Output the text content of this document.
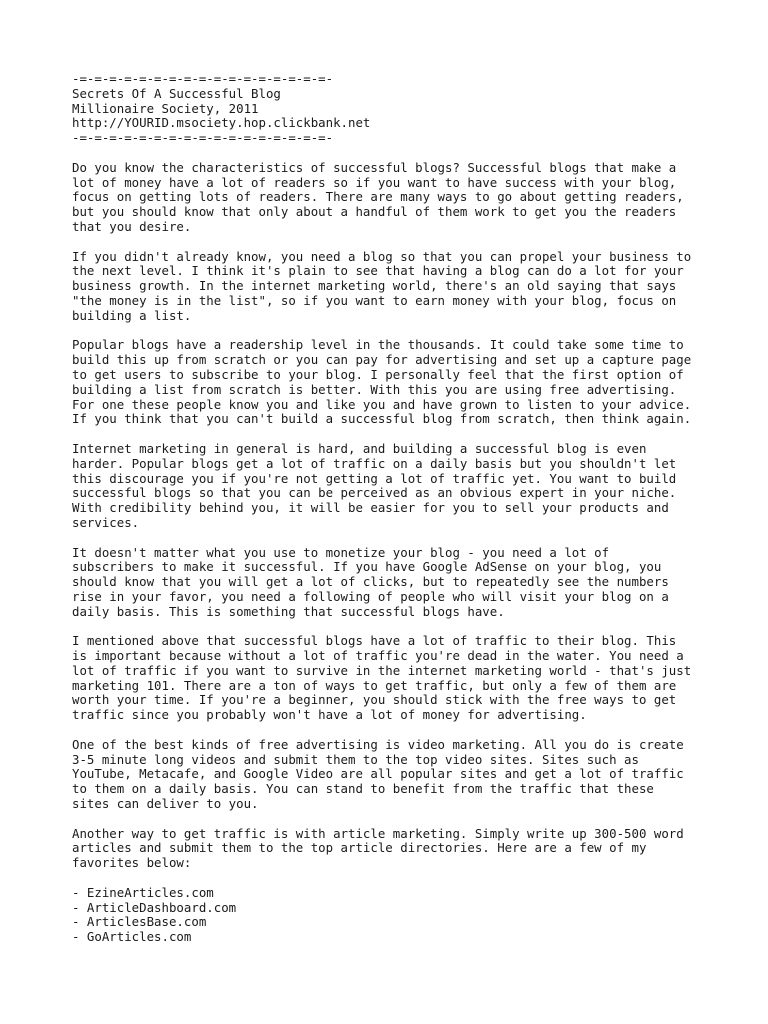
-=-=-=-=-=-=-=-=-=-=-=-=-=-=-=-=-=-
Secrets Of A Successful Blog
Millionaire Society, 2011
http://YOURID.msociety.hop.clickbank.net
-=-=-=-=-=-=-=-=-=-=-=-=-=-=-=-=-=-
Do you know the characteristics of successful blogs? Successful blogs that make a
lot of money have a lot of readers so if you want to have success with your blog,
focus on getting lots of readers. There are many ways to go about getting readers,
but you should know that only about a handful of them work to get you the readers
that you desire.
If you didn't already know, you need a blog so that you can propel your business to
the next level. I think it's plain to see that having a blog can do a lot for your
business growth. In the internet marketing world, there's an old saying that says
"the money is in the list", so if you want to earn money with your blog, focus on
building a list.
Popular blogs have a readership level in the thousands. It could take some time to
build this up from scratch or you can pay for advertising and set up a capture page
to get users to subscribe to your blog. I personally feel that the first option of
building a list from scratch is better. With this you are using free advertising.
For one these people know you and like you and have grown to listen to your advice.
If you think that you can't build a successful blog from scratch, then think again.
Internet marketing in general is hard, and building a successful blog is even
harder. Popular blogs get a lot of traffic on a daily basis but you shouldn't let
this discourage you if you're not getting a lot of traffic yet. You want to build
successful blogs so that you can be perceived as an obvious expert in your niche.
With credibility behind you, it will be easier for you to sell your products and
services.
It doesn't matter what you use to monetize your blog - you need a lot of
subscribers to make it successful. If you have Google AdSense on your blog, you
should know that you will get a lot of clicks, but to repeatedly see the numbers
rise in your favor, you need a following of people who will visit your blog on a
daily basis. This is something that successful blogs have.
I mentioned above that successful blogs have a lot of traffic to their blog. This
is important because without a lot of traffic you're dead in the water. You need a
lot of traffic if you want to survive in the internet marketing world - that's just
marketing 101. There are a ton of ways to get traffic, but only a few of them are
worth your time. If you're a beginner, you should stick with the free ways to get
traffic since you probably won't have a lot of money for advertising.
One of the best kinds of free advertising is video marketing. All you do is create
3-5 minute long videos and submit them to the top video sites. Sites such as
YouTube, Metacafe, and Google Video are all popular sites and get a lot of traffic
to them on a daily basis. You can stand to benefit from the traffic that these
sites can deliver to you.
Another way to get traffic is with article marketing. Simply write up 300-500 word
articles and submit them to the top article directories. Here are a few of my
favorites below:
- EzineArticles.com
- ArticleDashboard.com
- ArticlesBase.com
- GoArticles.com
